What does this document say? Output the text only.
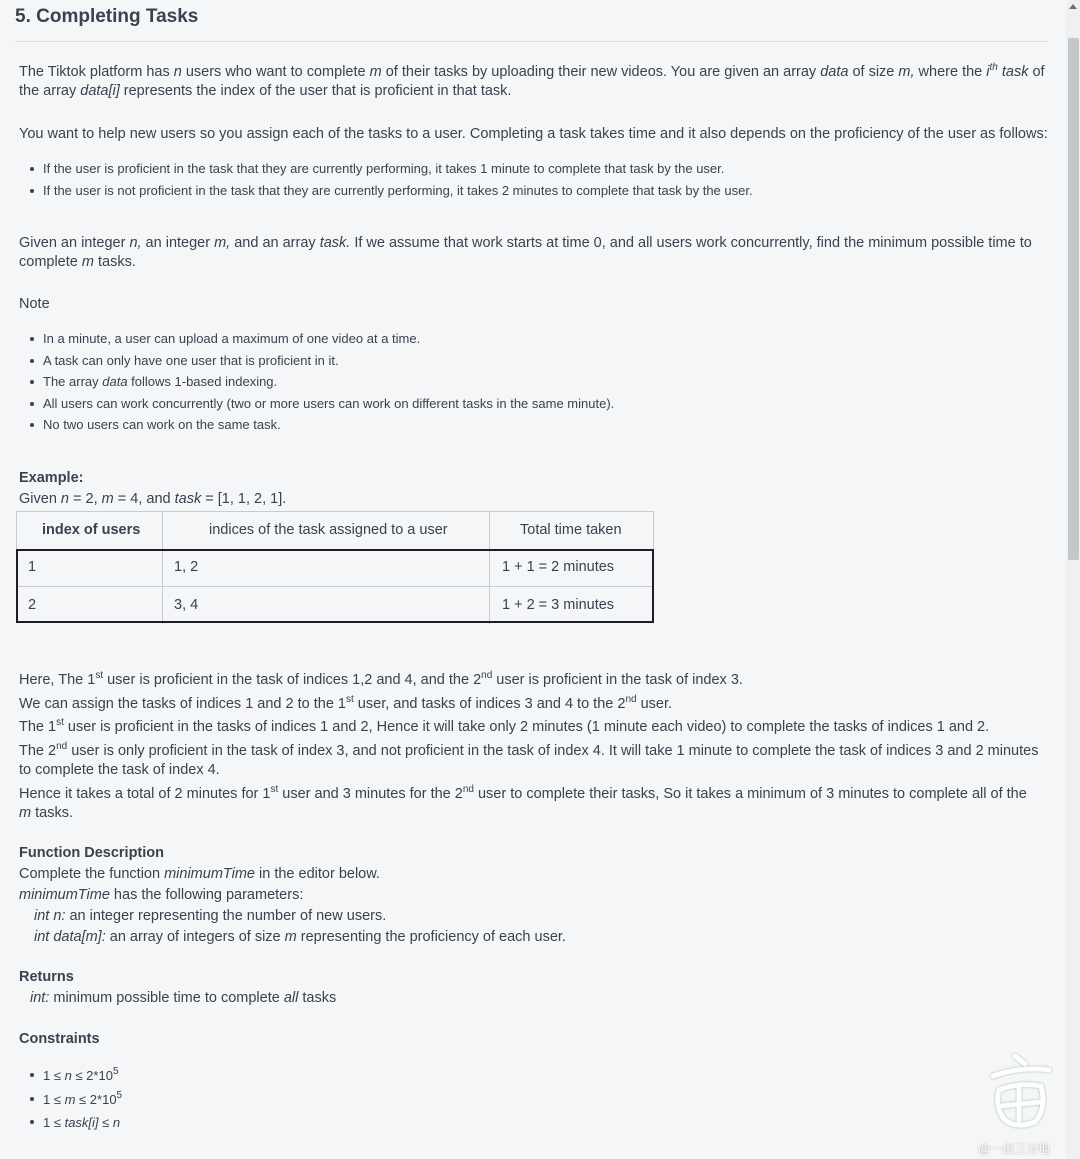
5. Completing Tasks

The Tiktok platform has n users who want to complete m of their tasks by uploading their new videos. You are given an array data of size m, where the $i^{th}$ task of
the array data[i] represents the index of the user that is proficient in that task.

You want to help new users so you assign each of the tasks to a user. Completing a task takes time and it also depends on the proficiency of the user as follows:

If the user is proficient in the task that they are currently performing, it takes 1 minute to complete that task by the user.
If the user is not proficient in the task that they are currently performing, it takes 2 minutes to complete that task by the user.

Given an integer n, an integer m, and an array task. If we assume that work starts at time 0, and all users work concurrently, find the minimum possible time to
complete m tasks.

Note

In a minute, a user can upload a maximum of one video at a time.
A task can only have one user that is proficient in it.
The array data follows 1-based indexing.
All users can work concurrently (two or more users can work on different tasks in the same minute).
No two users can work on the same task.

Example:

Given n = 2, m = 4, and task = [1, 1, 2, 1].

index of users	indices of the task assigned to a user	Total time taken
1	1, 2	1 + 1 = 2 minutes
2	3, 4	1 + 2 = 3 minutes
Here, The 1st user is proficient in the task of indices 1,2 and 4, and the 2nd user is proficient in the task of index 3.
We can assign the tasks of indices 1 and 2 to the 1st user, and tasks of indices 3 and 4 to the 2nd user.
The 1st user is proficient in the tasks of indices 1 and 2, Hence it will take only 2 minutes (1 minute each video) to complete the tasks of indices 1 and 2.
The 2nd user is only proficient in the task of index 3, and not proficient in the task of index 4. It will take 1 minute to complete the task of indices 3 and 2 minutes
to complete the task of index 4.
Hence it takes a total of 2 minutes for 1st user and 3 minutes for the 2nd user to complete their tasks, So it takes a minimum of 3 minutes to complete all of the
m tasks.
Function Description
Complete the function minimumTime in the editor below.
minimumTime has the following parameters:
int n: an integer representing the number of new users.
int data[m]: an array of integers of size m representing the proficiency of each user.
Returns
int: minimum possible time to complete all tasks

Constraints

$1 \le n \le 2*10^5$
$1 \le m \le 2*10^5$
1 ≤ task[i] ≤ n
@一亩三分地
